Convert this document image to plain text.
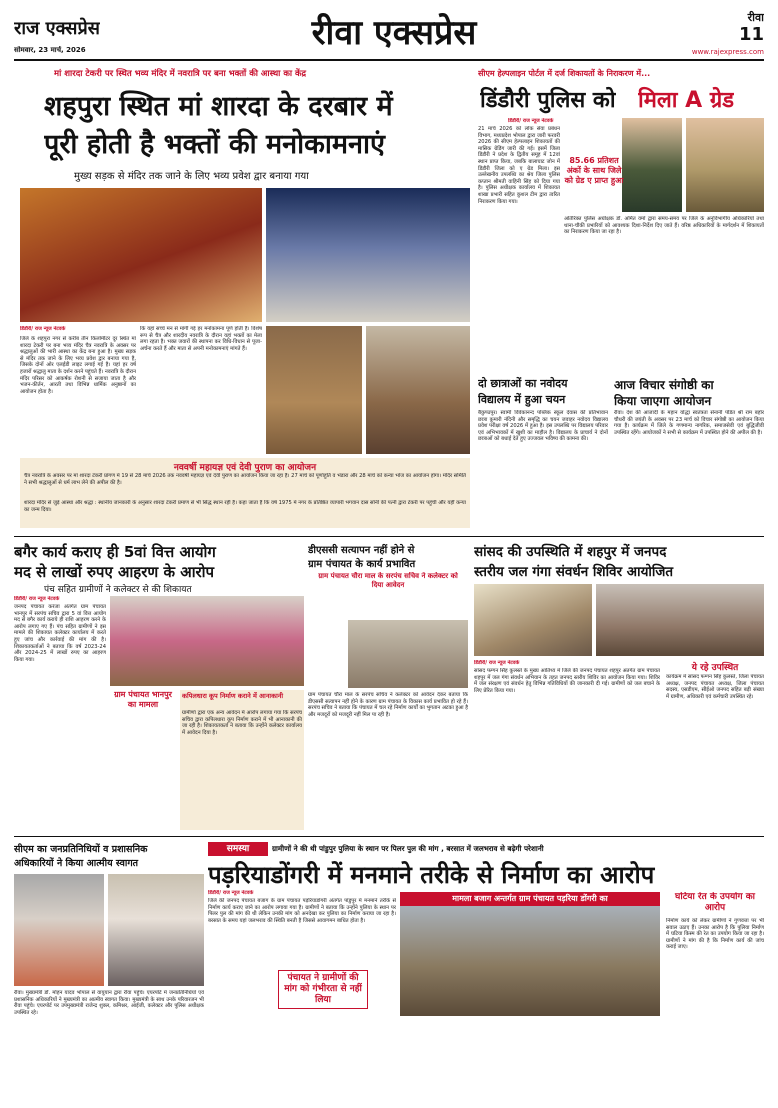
राज एक्सप्रेस
सोमवार, 23 मार्च, 2026	रीवा एक्सप्रेस	रीवा
11
www.rajexpress.com
मां शारदा टेकरी पर स्थित भव्य मंदिर में नवरात्रि पर बना भक्तों की आस्था का केंद्र
शहपुरा स्थित मां शारदा के दरबार में
पूरी होती है भक्तों की मनोकामनाएं
मुख्य सड़क से मंदिर तक जाने के लिए भव्य प्रवेश द्वार बनाया गया
डिंडौरी/ राज न्यूज नेटवर्क
जिले के शहपुरा नगर से करीब तीन किलोमीटर दूर स्थित मां शारदा टेकरी पर बना भव्य मंदिर चैत्र नवरात्रि के अवसर पर श्रद्धालुओं की भारी आस्था का केंद्र बना हुआ है। मुख्य सड़क से मंदिर तक जाने के लिए भव्य प्रवेश द्वार बनाया गया है, जिसके दोनों ओर एलईडी लाइट लगाई गई है। यहां हर वर्ष हजारों श्रद्धालु माता के दर्शन करने पहुंचते हैं। नवरात्रि के दौरान मंदिर परिसर को आकर्षक रोशनी से सजाया जाता है और भजन-कीर्तन, आरती तथा विभिन्न धार्मिक अनुष्ठानों का आयोजन होता है।
कि यहां सच्चे मन से मांगी गई हर मनोकामना पूर्ण होती है। विशेष रूप से चैत्र और शारदीय नवरात्रि के दौरान यहां भक्तों का मेला लगा रहता है। भक्त जवारों की स्थापना कर विधि-विधान से पूजा-अर्चना करते हैं और माता से अपनी मनोकामनाएं मांगते हैं।
नववर्षी महायज्ञ एवं देवी पुराण का आयोजन
चैत्र नवरात्रि के अवसर पर मां शारदा टेकरी प्रांगण में 19 से 28 मार्च 2026 तक नववर्षी महायज्ञ एवं देवी पुराण का आयोजन किया जा रहा है। 27 मार्च को पूर्णाहुति व भंडारा और 28 मार्च को कन्या भोज का आयोजन होगा। मंदिर समिति ने सभी श्रद्धालुओं से धर्म लाभ लेने की अपील की है।
शारदा मंदिर से जुड़े आस्था और श्रद्धा : स्थानीय जानकारी के अनुसार शारदा टेकरी प्रमाण से भी सिद्ध स्थान रही है। कहा जाता है कि वर्ष 1975 में नगर के प्रतिष्ठित व्यापारी भगवान दास सोनी की पत्नी द्वारा टेकरी पर पहुंची और यहीं कन्या का जन्म दिया।
सीएम हेल्पलाइन पोर्टल में दर्ज शिकायतों के निराकरण में...
डिंडौरी पुलिस को मिला A ग्रेड
डिंडौरी/ राज न्यूज नेटवर्क
21 मार्च 2026 को लोक सेवा प्रबंधन विभाग, मध्यप्रदेश भोपाल द्वारा जारी फरवरी 2026 की सीएम हेल्पलाइन शिकायतों की मासिक ग्रेडिंग जारी की गई। इसमें जिला डिंडौरी ने प्रदेश के द्वितीय समूह में 12वां स्थान प्राप्त किया, जबकि बालाघाट जोन में डिंडौरी जिला को ए ग्रेड मिला। इस उल्लेखनीय उपलब्धि का श्रेय जिला पुलिस कप्तान श्रीमती वाहिनी सिंह को दिया गया है। पुलिस अधीक्षक कार्यालय में शिकायत शाखा प्रभारी सहित कुशल टीम द्वारा त्वरित निराकरण किया गया।
85.66 प्रतिशत अंकों के साथ जिले को ग्रेड ए प्राप्त हुआ
अतिरिक्त पुलिस अधीक्षक डॉ. अमित वर्मा द्वारा समय-समय पर जिले के अनुविभागीय अधिकारियों तथा थाना-चौकी प्रभारियों को आवश्यक दिशा-निर्देश दिए जाते हैं। वरिष्ठ अधिकारियों के मार्गदर्शन में शिकायतों का निराकरण किया जा रहा है।
दो छात्राओं का नवोदय
विद्यालय में हुआ चयन
बैकुण्ठपुर। स्वामी विवेकानन्द पब्लिक स्कूल देवास की प्रतिभावान छात्रा कुमारी नंदिनी और समृद्धि का चयन जवाहर नवोदय विद्यालय प्रवेश परीक्षा वर्ष 2026 में हुआ है। इस उपलब्धि पर विद्यालय परिवार एवं अभिभावकों में खुशी का माहौल है। विद्यालय के प्राचार्य ने दोनों छात्राओं को बधाई देते हुए उज्जवल भविष्य की कामना की।
आज विचार संगोष्ठी का
किया जाएगा आयोजन
रीवा। देश की आजादी के महान योद्धा स्वतंत्रता सेनानी पंडित श्री राम बहोर चौधरी की जयंती के अवसर पर 23 मार्च को विचार संगोष्ठी का आयोजन किया गया है। कार्यक्रम में जिले के गणमान्य नागरिक, समाजसेवी एवं बुद्धिजीवी उपस्थित रहेंगे। आयोजकों ने सभी से कार्यक्रम में उपस्थित होने की अपील की है।
बगैर कार्य कराए ही 5वां वित्त आयोग
मद से लाखों रुपए आहरण के आरोप
पंच सहित ग्रामीणों ने कलेक्टर से की शिकायत
डिंडौरी/ राज न्यूज नेटवर्क
जनपद पंचायत करंजा अंतर्गत ग्राम पंचायत भानपुर में सरपंच सचिव द्वारा 5 वां वित्त आयोग मद से बगैर कार्य कराये ही राशि आहरण करने के आरोप लगाए गए हैं। पंच सहित ग्रामीणों ने इस मामले की शिकायत कलेक्टर कार्यालय में करते हुए जांच और कार्रवाई की मांग की है। शिकायतकर्ताओं ने बताया कि वर्ष 2023-24 और 2024-25 में लाखों रुपए का आहरण किया गया।
ग्राम पंचायत भानपुर का मामला
कपिलधारा कूप निर्माण कराने में आनाकानी
ग्रामीणों द्वारा एक अन्य आवेदन में आरोप लगाया गया कि सरपंच सचिव द्वारा कपिलधारा कूप निर्माण कराने में भी आनाकानी की जा रही है। शिकायतकर्ता ने बताया कि उन्होंने कलेक्टर कार्यालय में आवेदन दिया है।
डीएससी सत्यापन नहीं होने से
ग्राम पंचायत के कार्य प्रभावित
ग्राम पंचायत चौरा माल के सरपंच सचिव ने कलेक्टर को दिया आवेदन
ग्राम पंचायत चौरा माल के सरपंच सचिव ने कलेक्टर को आवेदन देकर बताया कि डीएससी सत्यापन नहीं होने के कारण ग्राम पंचायत के विकास कार्य प्रभावित हो रहे हैं। सरपंच सचिव ने बताया कि पंचायत में चल रहे निर्माण कार्यों का भुगतान अटका हुआ है और मजदूरों को मजदूरी नहीं मिल पा रही है।
सांसद की उपस्थिति में शहपुर में जनपद
स्तरीय जल गंगा संवर्धन शिविर आयोजित
डिंडौरी/ राज न्यूज नेटवर्क
सांसद फग्गन सिंह कुलस्ते के मुख्य आतिथ्य में जिले की जनपद पंचायत शहपुर अंतर्गत ग्राम पंचायत शहपुर में जल गंगा संवर्धन अभियान के तहत जनपद स्तरीय शिविर का आयोजन किया गया। शिविर में जल संरक्षण एवं संवर्धन हेतु विभिन्न गतिविधियों की जानकारी दी गई। ग्रामीणों को जल बचाने के लिए प्रेरित किया गया।
ये रहे उपस्थित
कार्यक्रम में सांसद फग्गन सिंह कुलस्ते, जिला पंचायत अध्यक्ष, जनपद पंचायत अध्यक्ष, जिला पंचायत सदस्य, एसडीएम, सीईओ जनपद सहित बड़ी संख्या में ग्रामीण, अधिकारी एवं कर्मचारी उपस्थित रहे।
सीएम का जनप्रतिनिधियों व प्रशासनिक
अधिकारियों ने किया आत्मीय स्वागत
रीवा। मुख्यमंत्री डॉ. मोहन यादव भोपाल से वायुयान द्वारा रीवा पहुंचे। एयरपोर्ट में जनप्रतिनिधियों एवं प्रशासनिक अधिकारियों ने मुख्यमंत्री का आत्मीय स्वागत किया। मुख्यमंत्री के साथ उनके परिवारजन भी रीवा पहुंचे। एयरपोर्ट पर उपमुख्यमंत्री राजेन्द्र शुक्ल, कमिश्नर, आईजी, कलेक्टर और पुलिस अधीक्षक उपस्थित रहे।
समस्या	ग्रामीणों ने की थी पांडुपुर पुलिया के स्थान पर पिलर पुल की मांग , बरसात में जलभराव से बढ़ेगी परेशानी
पड़रियाडोंगरी में मनमाने तरीके से निर्माण का आरोप
डिंडौरी/ राज न्यूज नेटवर्क
जिले की जनपद पंचायत बजाग के ग्राम पंचायत पड़रियाडोंगरी अंतर्गत पांडुपुर में मनमाने तरीके से निर्माण कार्य कराए जाने का आरोप लगाया गया है। ग्रामीणों ने बताया कि उन्होंने पुलिया के स्थान पर पिलर पुल की मांग की थी लेकिन उनकी मांग को अनदेखा कर पुलिया का निर्माण कराया जा रहा है। बरसात के समय यहां जलभराव की स्थिति बनती है जिससे आवागमन बाधित होता है।
पंचायत ने ग्रामीणों की मांग को गंभीरता से नहीं लिया
मामला बजाग अन्तर्गत ग्राम पंचायत पड़रिया डोंगरी का	घटिया रेत के उपयोग का आरोप
निर्माण कार्य को लेकर ग्रामीणों ने गुणवत्ता पर भी सवाल उठाए हैं। उनका आरोप है कि पुलिया निर्माण में घटिया किस्म की रेत का उपयोग किया जा रहा है। ग्रामीणों ने मांग की है कि निर्माण कार्य की जांच कराई जाए।
